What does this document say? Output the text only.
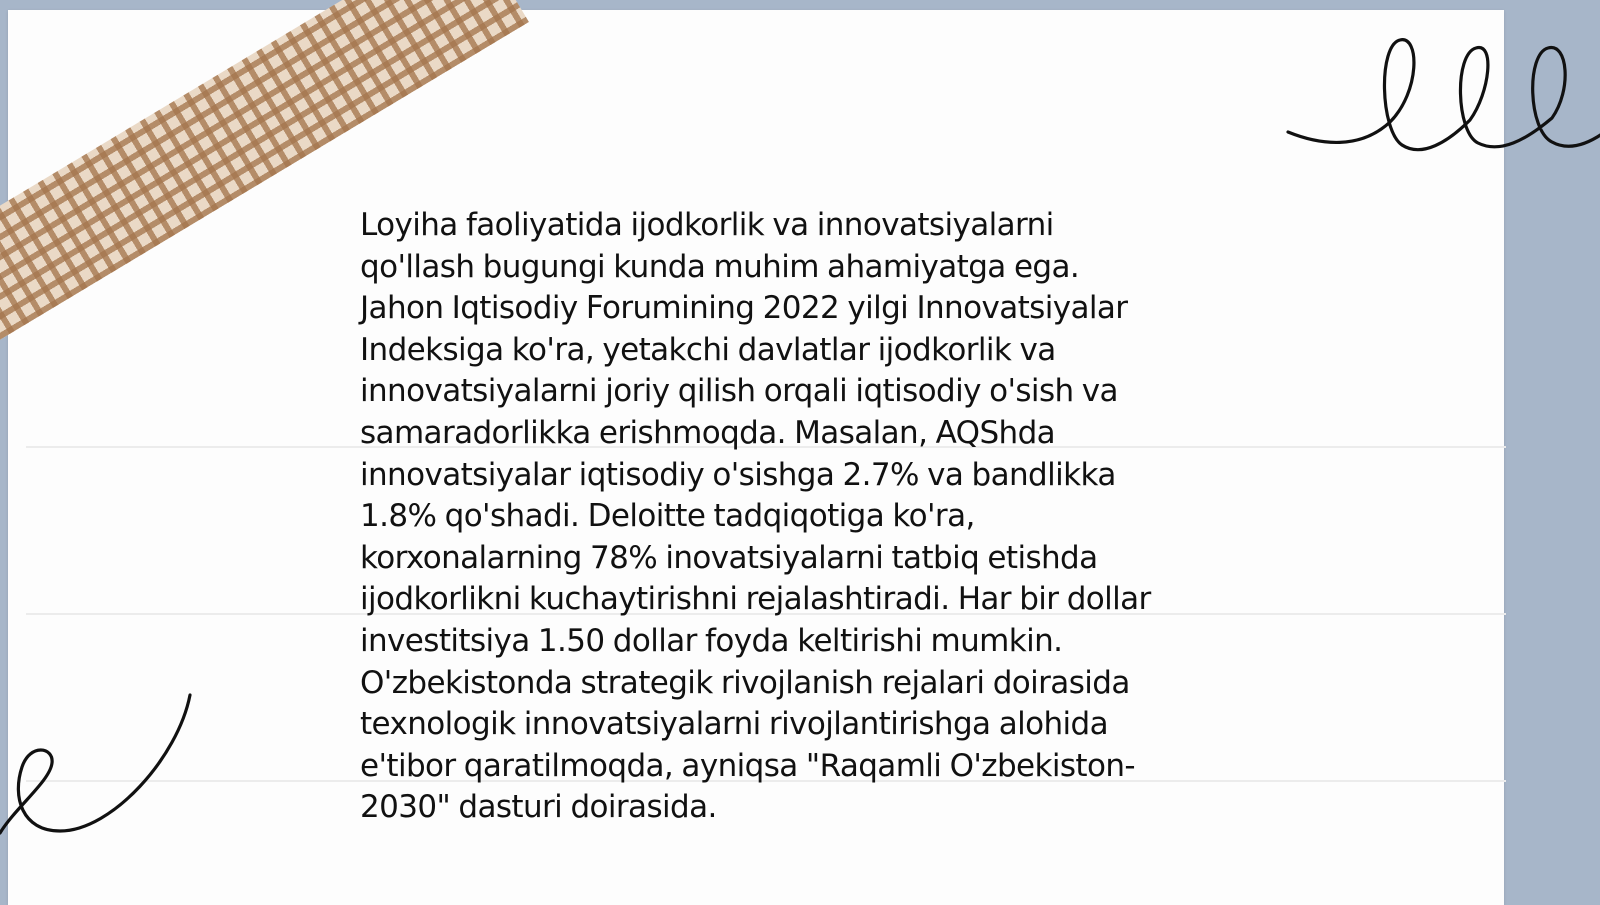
Loyiha faoliyatida ijodkorlik va innovatsiyalarni
qo'llash bugungi kunda muhim ahamiyatga ega.
Jahon Iqtisodiy Forumining 2022 yilgi Innovatsiyalar
Indeksiga ko'ra, yetakchi davlatlar ijodkorlik va
innovatsiyalarni joriy qilish orqali iqtisodiy o'sish va
samaradorlikka erishmoqda. Masalan, AQShda
innovatsiyalar iqtisodiy o'sishga 2.7% va bandlikka
1.8% qo'shadi. Deloitte tadqiqotiga ko'ra,
korxonalarning 78% inovatsiyalarni tatbiq etishda
ijodkorlikni kuchaytirishni rejalashtiradi. Har bir dollar
investitsiya 1.50 dollar foyda keltirishi mumkin.
O'zbekistonda strategik rivojlanish rejalari doirasida
texnologik innovatsiyalarni rivojlantirishga alohida
e'tibor qaratilmoqda, ayniqsa "Raqamli O'zbekiston-
2030" dasturi doirasida.
